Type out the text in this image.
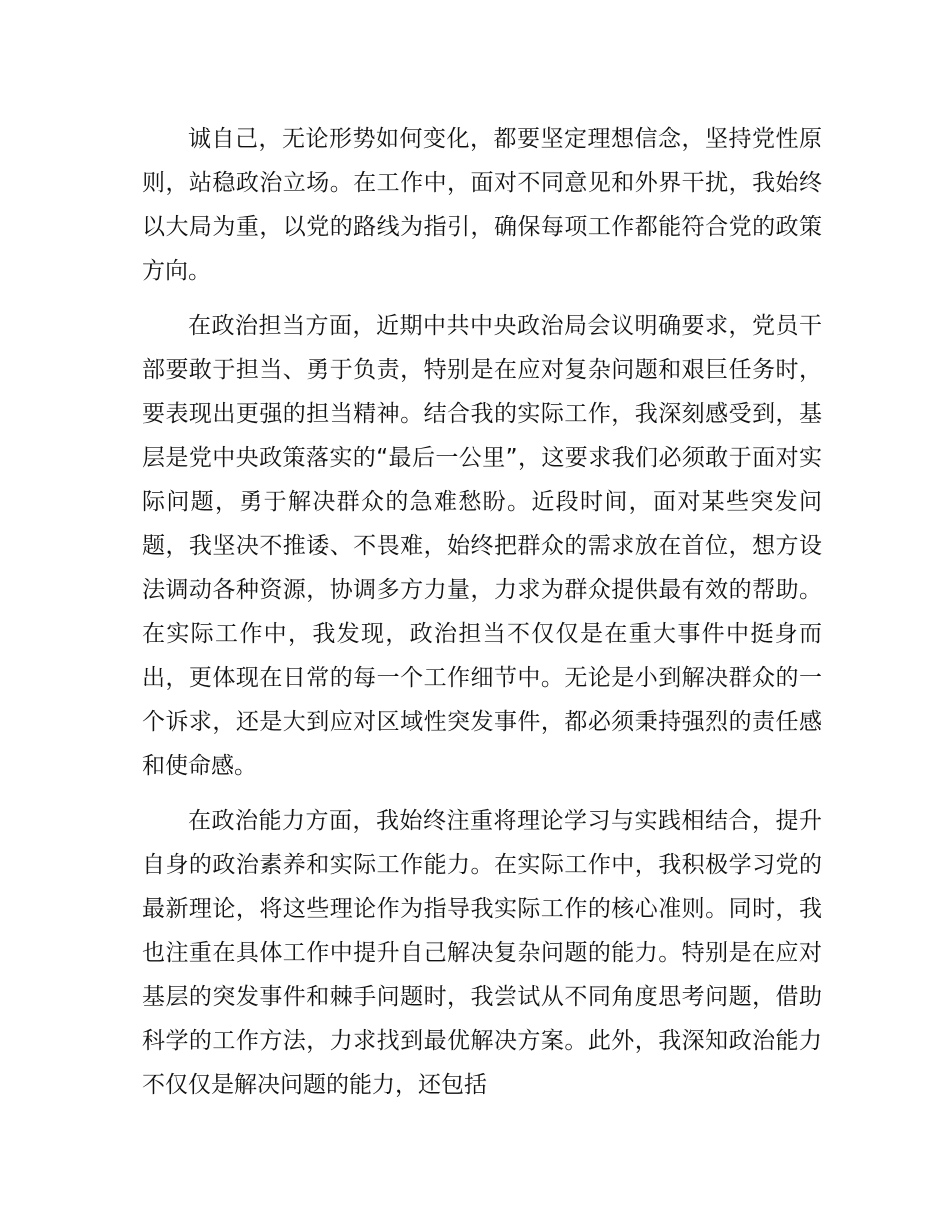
诚自己，无论形势如何变化，都要坚定理想信念，坚持党性原则，站稳政治立场。在工作中，面对不同意见和外界干扰，我始终以大局为重，以党的路线为指引，确保每项工作都能符合党的政策方向。

在政治担当方面，近期中共中央政治局会议明确要求，党员干部要敢于担当、勇于负责，特别是在应对复杂问题和艰巨任务时，要表现出更强的担当精神。结合我的实际工作，我深刻感受到，基层是党中央政策落实的“最后一公里”，这要求我们必须敢于面对实际问题，勇于解决群众的急难愁盼。近段时间，面对某些突发问题，我坚决不推诿、不畏难，始终把群众的需求放在首位，想方设法调动各种资源，协调多方力量，力求为群众提供最有效的帮助。在实际工作中，我发现，政治担当不仅仅是在重大事件中挺身而出，更体现在日常的每一个工作细节中。无论是小到解决群众的一个诉求，还是大到应对区域性突发事件，都必须秉持强烈的责任感和使命感。

在政治能力方面，我始终注重将理论学习与实践相结合，提升自身的政治素养和实际工作能力。在实际工作中，我积极学习党的最新理论，将这些理论作为指导我实际工作的核心准则。同时，我也注重在具体工作中提升自己解决复杂问题的能力。特别是在应对基层的突发事件和棘手问题时，我尝试从不同角度思考问题，借助科学的工作方法，力求找到最优解决方案。此外，我深知政治能力不仅仅是解决问题的能力，还包括
